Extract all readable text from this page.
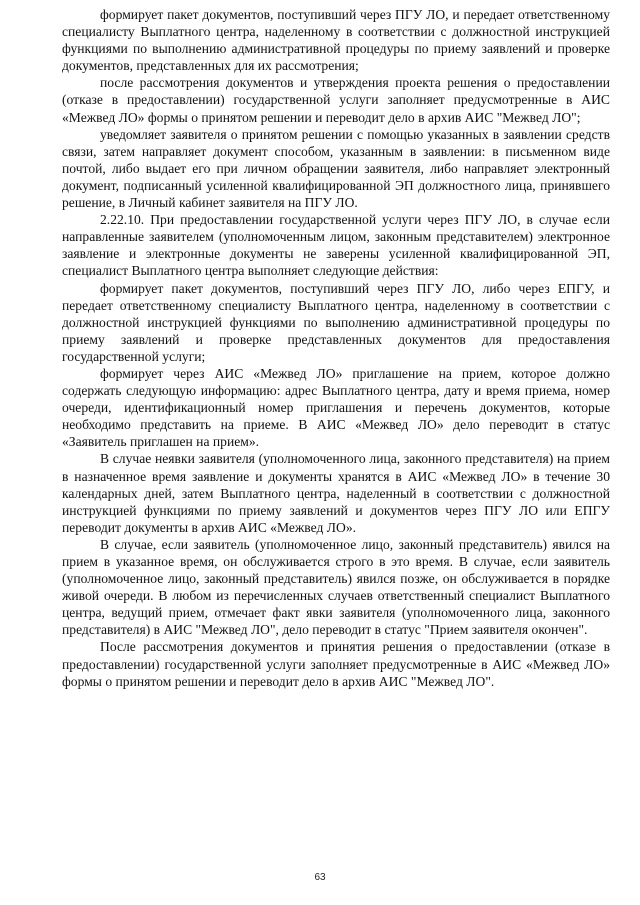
формирует пакет документов, поступивший через ПГУ ЛО, и передает ответственному специалисту Выплатного центра, наделенному в соответствии с должностной инструкцией функциями по выполнению административной процедуры по приему заявлений и проверке документов, представленных для их рассмотрения;

после рассмотрения документов и утверждения проекта решения о предоставлении (отказе в предоставлении) государственной услуги заполняет предусмотренные в АИС «Межвед ЛО» формы о принятом решении и переводит дело в архив АИС "Межвед ЛО";

уведомляет заявителя о принятом решении с помощью указанных в заявлении средств связи, затем направляет документ способом, указанным в заявлении: в письменном виде почтой, либо выдает его при личном обращении заявителя, либо направляет электронный документ, подписанный усиленной квалифицированной ЭП должностного лица, принявшего решение, в Личный кабинет заявителя на ПГУ ЛО.

2.22.10. При предоставлении государственной услуги через ПГУ ЛО, в случае если направленные заявителем (уполномоченным лицом, законным представителем) электронное заявление и электронные документы не заверены усиленной квалифицированной ЭП, специалист Выплатного центра выполняет следующие действия:

формирует пакет документов, поступивший через ПГУ ЛО, либо через ЕПГУ, и передает ответственному специалисту Выплатного центра, наделенному в соответствии с должностной инструкцией функциями по выполнению административной процедуры по приему заявлений и проверке представленных документов для предоставления государственной услуги;

формирует через АИС «Межвед ЛО» приглашение на прием, которое должно содержать следующую информацию: адрес Выплатного центра, дату и время приема, номер очереди, идентификационный номер приглашения и перечень документов, которые необходимо представить на приеме. В АИС «Межвед ЛО» дело переводит в статус «Заявитель приглашен на прием».

В случае неявки заявителя (уполномоченного лица, законного представителя) на прием в назначенное время заявление и документы хранятся в АИС «Межвед ЛО» в течение 30 календарных дней, затем Выплатного центра, наделенный в соответствии с должностной инструкцией функциями по приему заявлений и документов через ПГУ ЛО или ЕПГУ переводит документы в архив АИС «Межвед ЛО».

В случае, если заявитель (уполномоченное лицо, законный представитель) явился на прием в указанное время, он обслуживается строго в это время. В случае, если заявитель (уполномоченное лицо, законный представитель) явился позже, он обслуживается в порядке живой очереди. В любом из перечисленных случаев ответственный специалист Выплатного центра, ведущий прием, отмечает факт явки заявителя (уполномоченного лица, законного представителя) в АИС "Межвед ЛО", дело переводит в статус "Прием заявителя окончен".

После рассмотрения документов и принятия решения о предоставлении (отказе в предоставлении) государственной услуги заполняет предусмотренные в АИС «Межвед ЛО» формы о принятом решении и переводит дело в архив АИС "Межвед ЛО".

63
